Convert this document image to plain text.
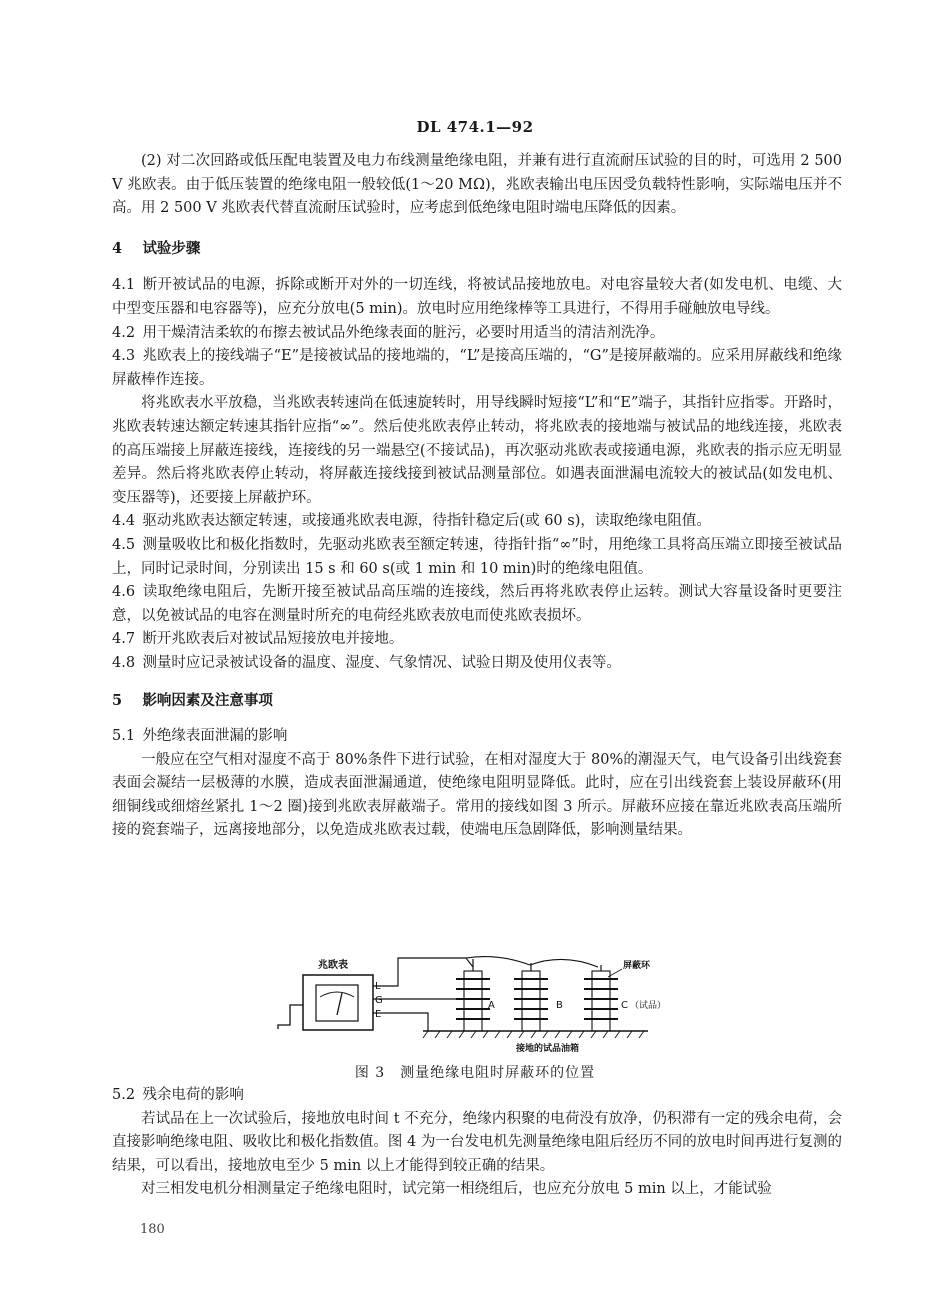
DL 474.1—92

(2) 对二次回路或低压配电装置及电力布线测量绝缘电阻，并兼有进行直流耐压试验的目的时，可选用 2 500 V 兆欧表。由于低压装置的绝缘电阻一般较低(1～20 MΩ)，兆欧表输出电压因受负载特性影响，实际端电压并不高。用 2 500 V 兆欧表代替直流耐压试验时，应考虑到低绝缘电阻时端电压降低的因素。

4 试验步骤

4.1 断开被试品的电源，拆除或断开对外的一切连线，将被试品接地放电。对电容量较大者(如发电机、电缆、大中型变压器和电容器等)，应充分放电(5 min)。放电时应用绝缘棒等工具进行，不得用手碰触放电导线。

4.2 用干燥清洁柔软的布擦去被试品外绝缘表面的脏污，必要时用适当的清洁剂洗净。

4.3 兆欧表上的接线端子“E”是接被试品的接地端的，“L”是接高压端的，“G”是接屏蔽端的。应采用屏蔽线和绝缘屏蔽棒作连接。

将兆欧表水平放稳，当兆欧表转速尚在低速旋转时，用导线瞬时短接“L”和“E”端子，其指针应指零。开路时，兆欧表转速达额定转速其指针应指“∞”。然后使兆欧表停止转动，将兆欧表的接地端与被试品的地线连接，兆欧表的高压端接上屏蔽连接线，连接线的另一端悬空(不接试品)，再次驱动兆欧表或接通电源，兆欧表的指示应无明显差异。然后将兆欧表停止转动，将屏蔽连接线接到被试品测量部位。如遇表面泄漏电流较大的被试品(如发电机、变压器等)，还要接上屏蔽护环。

4.4 驱动兆欧表达额定转速，或接通兆欧表电源，待指针稳定后(或 60 s)，读取绝缘电阻值。

4.5 测量吸收比和极化指数时，先驱动兆欧表至额定转速，待指针指“∞”时，用绝缘工具将高压端立即接至被试品上，同时记录时间，分别读出 15 s 和 60 s(或 1 min 和 10 min)时的绝缘电阻值。

4.6 读取绝缘电阻后，先断开接至被试品高压端的连接线，然后再将兆欧表停止运转。测试大容量设备时更要注意，以免被试品的电容在测量时所充的电荷经兆欧表放电而使兆欧表损坏。

4.7 断开兆欧表后对被试品短接放电并接地。

4.8 测量时应记录被试设备的温度、湿度、气象情况、试验日期及使用仪表等。

5 影响因素及注意事项

5.1 外绝缘表面泄漏的影响

一般应在空气相对湿度不高于 80%条件下进行试验，在相对湿度大于 80%的潮湿天气，电气设备引出线瓷套表面会凝结一层极薄的水膜，造成表面泄漏通道，使绝缘电阻明显降低。此时，应在引出线瓷套上装设屏蔽环(用细铜线或细熔丝紧扎 1～2 圈)接到兆欧表屏蔽端子。常用的接线如图 3 所示。屏蔽环应接在靠近兆欧表高压端所接的瓷套端子，远离接地部分，以免造成兆欧表过载，使端电压急剧降低，影响测量结果。

兆欧表
L
G
E
A	B	C （试品）
屏蔽环
接地的试品油箱
图 3　测量绝缘电阻时屏蔽环的位置

5.2 残余电荷的影响

若试品在上一次试验后，接地放电时间 t 不充分，绝缘内积聚的电荷没有放净，仍积滞有一定的残余电荷，会直接影响绝缘电阻、吸收比和极化指数值。图 4 为一台发电机先测量绝缘电阻后经历不同的放电时间再进行复测的结果，可以看出，接地放电至少 5 min 以上才能得到较正确的结果。

对三相发电机分相测量定子绝缘电阻时，试完第一相绕组后，也应充分放电 5 min 以上，才能试验

180
